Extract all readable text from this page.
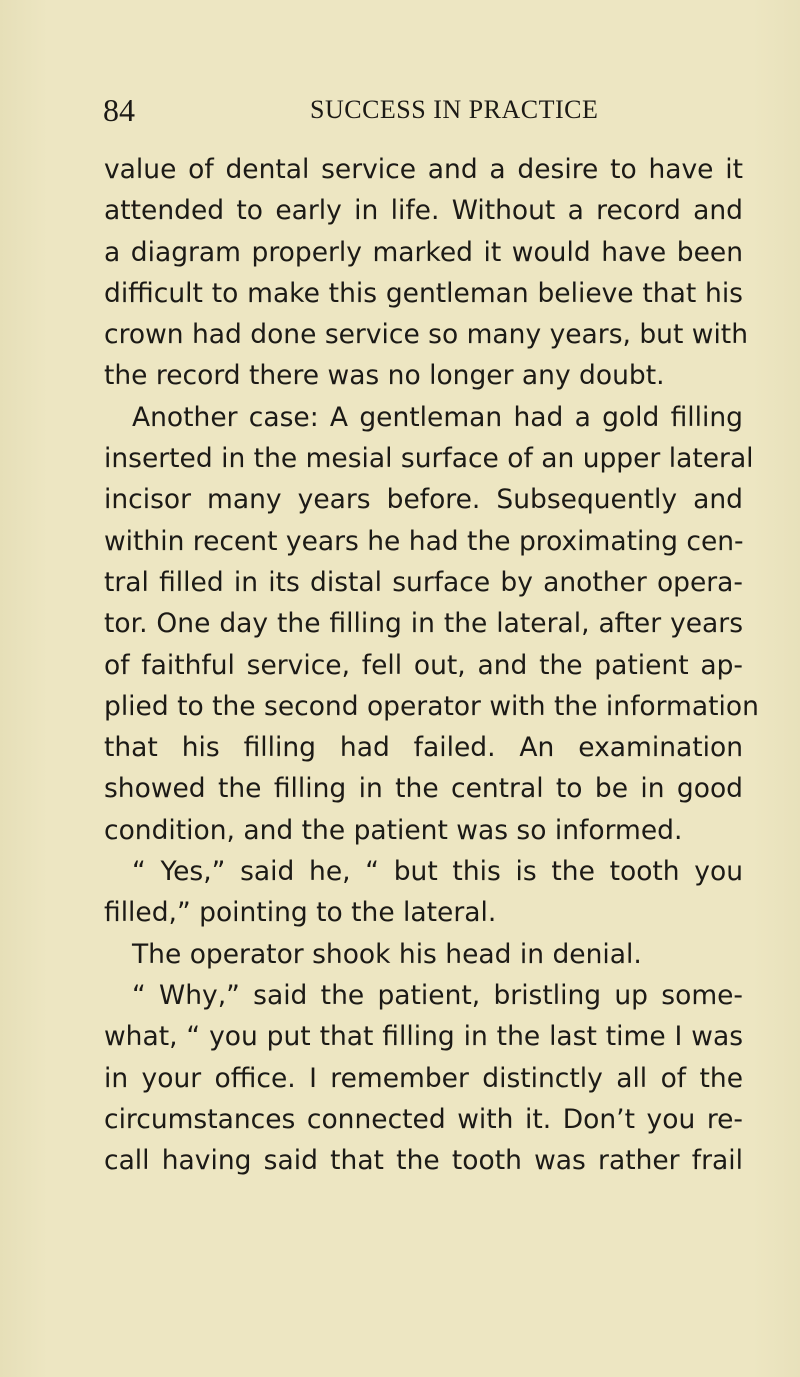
84	SUCCESS IN PRACTICE
value of dental service and a desire to have it
attended to early in life. Without a record and
a diagram properly marked it would have been
difficult to make this gentleman believe that his
crown had done service so many years, but with
the record there was no longer any doubt.
Another case: A gentleman had a gold filling
inserted in the mesial surface of an upper lateral
incisor many years before. Subsequently and
within recent years he had the proximating cen-
tral filled in its distal surface by another opera-
tor. One day the filling in the lateral, after years
of faithful service, fell out, and the patient ap-
plied to the second operator with the information
that his filling had failed. An examination
showed the filling in the central to be in good
condition, and the patient was so informed.
“ Yes,” said he, “ but this is the tooth you
filled,” pointing to the lateral.
The operator shook his head in denial.
“ Why,” said the patient, bristling up some-
what, “ you put that filling in the last time I was
in your office. I remember distinctly all of the
circumstances connected with it. Don’t you re-
call having said that the tooth was rather frail
